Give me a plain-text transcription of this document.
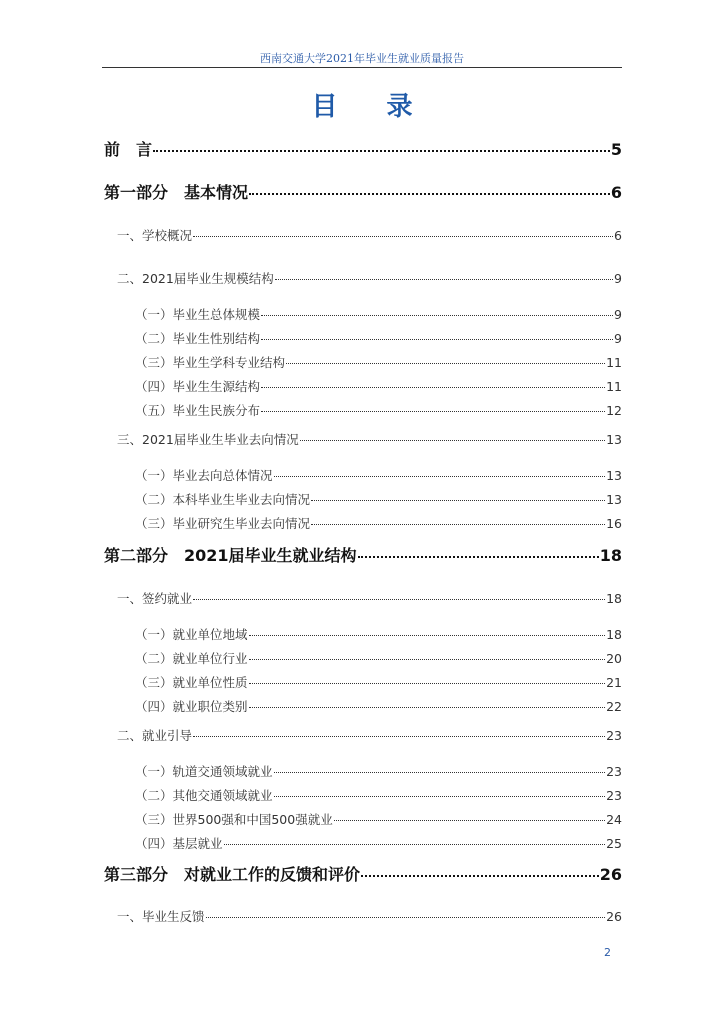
西南交通大学2021年毕业生就业质量报告
目 录
前　言	5
第一部分　基本情况	6
一、学校概况	6
二、2021届毕业生规模结构	9
（一）毕业生总体规模	9
（二）毕业生性别结构	9
（三）毕业生学科专业结构	11
（四）毕业生生源结构	11
（五）毕业生民族分布	12
三、2021届毕业生毕业去向情况	13
（一）毕业去向总体情况	13
（二）本科毕业生毕业去向情况	13
（三）毕业研究生毕业去向情况	16
第二部分　2021届毕业生就业结构	18
一、签约就业	18
（一）就业单位地域	18
（二）就业单位行业	20
（三）就业单位性质	21
（四）就业职位类别	22
二、就业引导	23
（一）轨道交通领域就业	23
（二）其他交通领域就业	23
（三）世界500强和中国500强就业	24
（四）基层就业	25
第三部分　对就业工作的反馈和评价	26
一、毕业生反馈	26
2
